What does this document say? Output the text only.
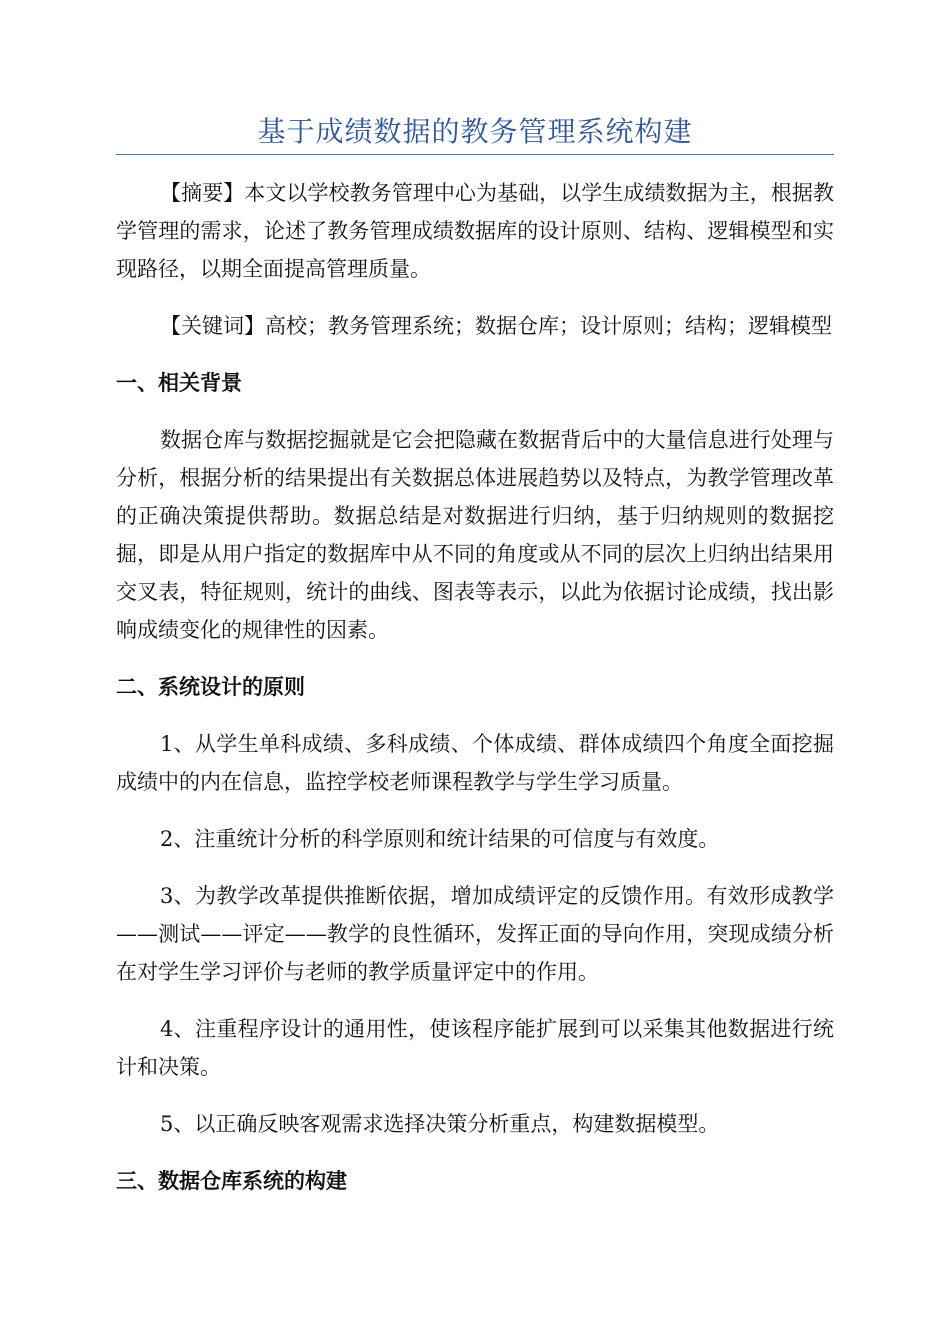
基于成绩数据的教务管理系统构建

【摘要】本文以学校教务管理中心为基础，以学生成绩数据为主，根据教学管理的需求，论述了教务管理成绩数据库的设计原则、结构、逻辑模型和实现路径，以期全面提高管理质量。

【关键词】高校；教务管理系统；数据仓库；设计原则；结构；逻辑模型

一、相关背景

数据仓库与数据挖掘就是它会把隐藏在数据背后中的大量信息进行处理与分析，根据分析的结果提出有关数据总体进展趋势以及特点，为教学管理改革的正确决策提供帮助。数据总结是对数据进行归纳，基于归纳规则的数据挖掘，即是从用户指定的数据库中从不同的角度或从不同的层次上归纳出结果用交叉表，特征规则，统计的曲线、图表等表示，以此为依据讨论成绩，找出影响成绩变化的规律性的因素。

二、系统设计的原则

1、从学生单科成绩、多科成绩、个体成绩、群体成绩四个角度全面挖掘成绩中的内在信息，监控学校老师课程教学与学生学习质量。

2、注重统计分析的科学原则和统计结果的可信度与有效度。

3、为教学改革提供推断依据，增加成绩评定的反馈作用。有效形成教学——测试——评定——教学的良性循环，发挥正面的导向作用，突现成绩分析在对学生学习评价与老师的教学质量评定中的作用。

4、注重程序设计的通用性，使该程序能扩展到可以采集其他数据进行统计和决策。

5、以正确反映客观需求选择决策分析重点，构建数据模型。

三、数据仓库系统的构建
